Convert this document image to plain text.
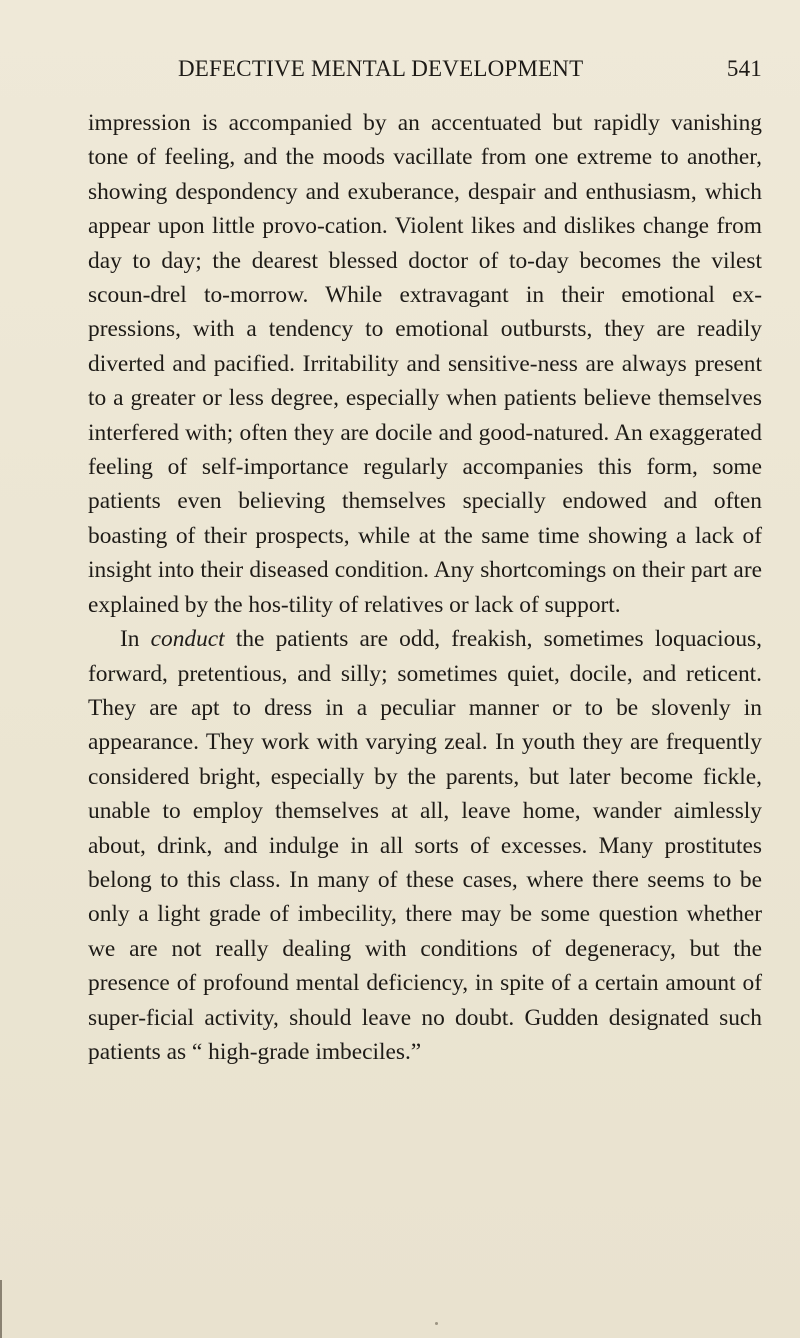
DEFECTIVE MENTAL DEVELOPMENT	541

impression is accompanied by an accentuated but rapidly vanishing tone of feeling, and the moods vacillate from one extreme to another, showing despondency and exuberance, despair and enthusiasm, which appear upon little provo-cation. Violent likes and dislikes change from day to day; the dearest blessed doctor of to-day becomes the vilest scoun-drel to-morrow. While extravagant in their emotional ex-pressions, with a tendency to emotional outbursts, they are readily diverted and pacified. Irritability and sensitive-ness are always present to a greater or less degree, especially when patients believe themselves interfered with; often they are docile and good-natured. An exaggerated feeling of self-importance regularly accompanies this form, some patients even believing themselves specially endowed and often boasting of their prospects, while at the same time showing a lack of insight into their diseased condition. Any shortcomings on their part are explained by the hos-tility of relatives or lack of support.

In conduct the patients are odd, freakish, sometimes loquacious, forward, pretentious, and silly; sometimes quiet, docile, and reticent. They are apt to dress in a peculiar manner or to be slovenly in appearance. They work with varying zeal. In youth they are frequently considered bright, especially by the parents, but later become fickle, unable to employ themselves at all, leave home, wander aimlessly about, drink, and indulge in all sorts of excesses. Many prostitutes belong to this class. In many of these cases, where there seems to be only a light grade of imbecility, there may be some question whether we are not really dealing with conditions of degeneracy, but the presence of profound mental deficiency, in spite of a certain amount of super-ficial activity, should leave no doubt. Gudden designated such patients as “ high-grade imbeciles.”
